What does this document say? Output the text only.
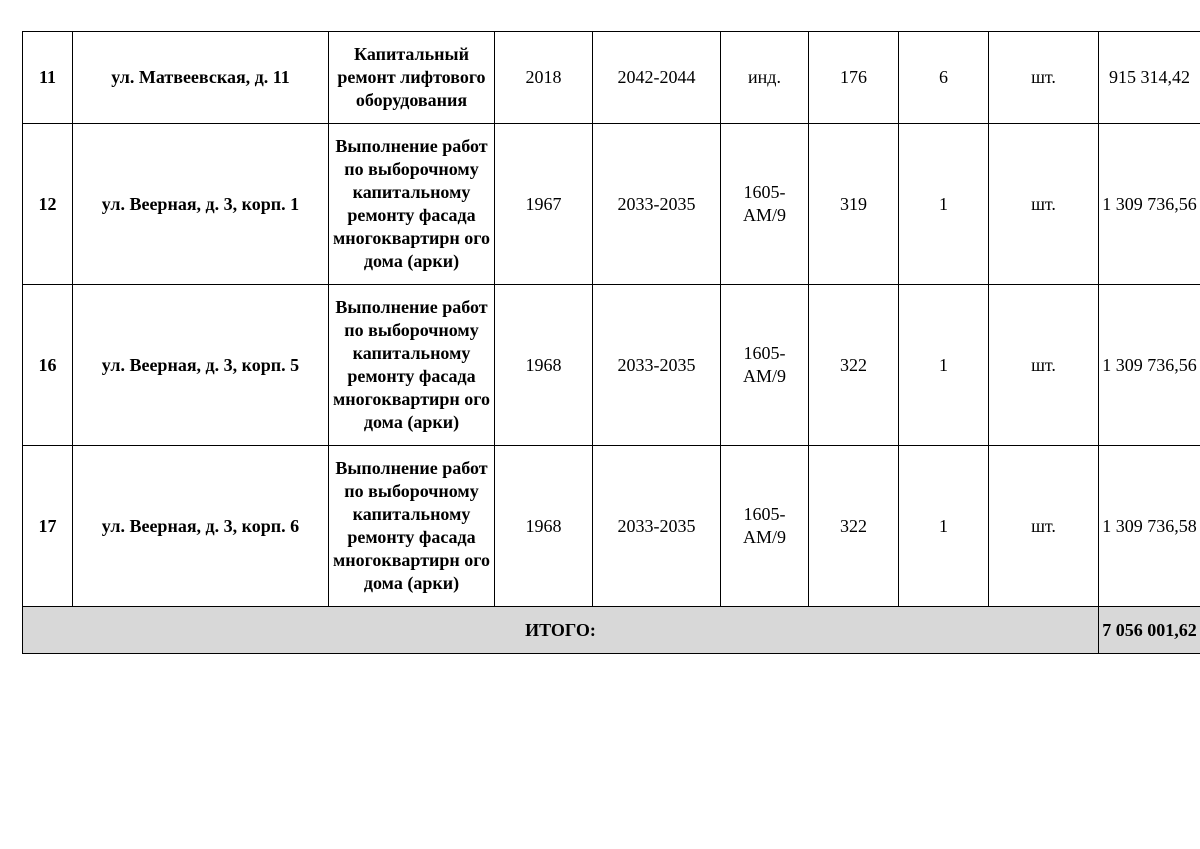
11	ул. Матвеевская, д. 11	Капитальный ремонт лифтового оборудования	2018	2042-2044	инд.	176	6	шт.	915 314,42
12	ул. Веерная, д. 3, корп. 1	Выполнение работ по выборочному капитальному ремонту фасада многоквартирн ого дома (арки)	1967	2033-2035	1605-АМ/9	319	1	шт.	1 309 736,56
16	ул. Веерная, д. 3, корп. 5	Выполнение работ по выборочному капитальному ремонту фасада многоквартирн ого дома (арки)	1968	2033-2035	1605-АМ/9	322	1	шт.	1 309 736,56
17	ул. Веерная, д. 3, корп. 6	Выполнение работ по выборочному капитальному ремонту фасада многоквартирн ого дома (арки)	1968	2033-2035	1605-АМ/9	322	1	шт.	1 309 736,58
ИТОГО:									7 056 001,62
